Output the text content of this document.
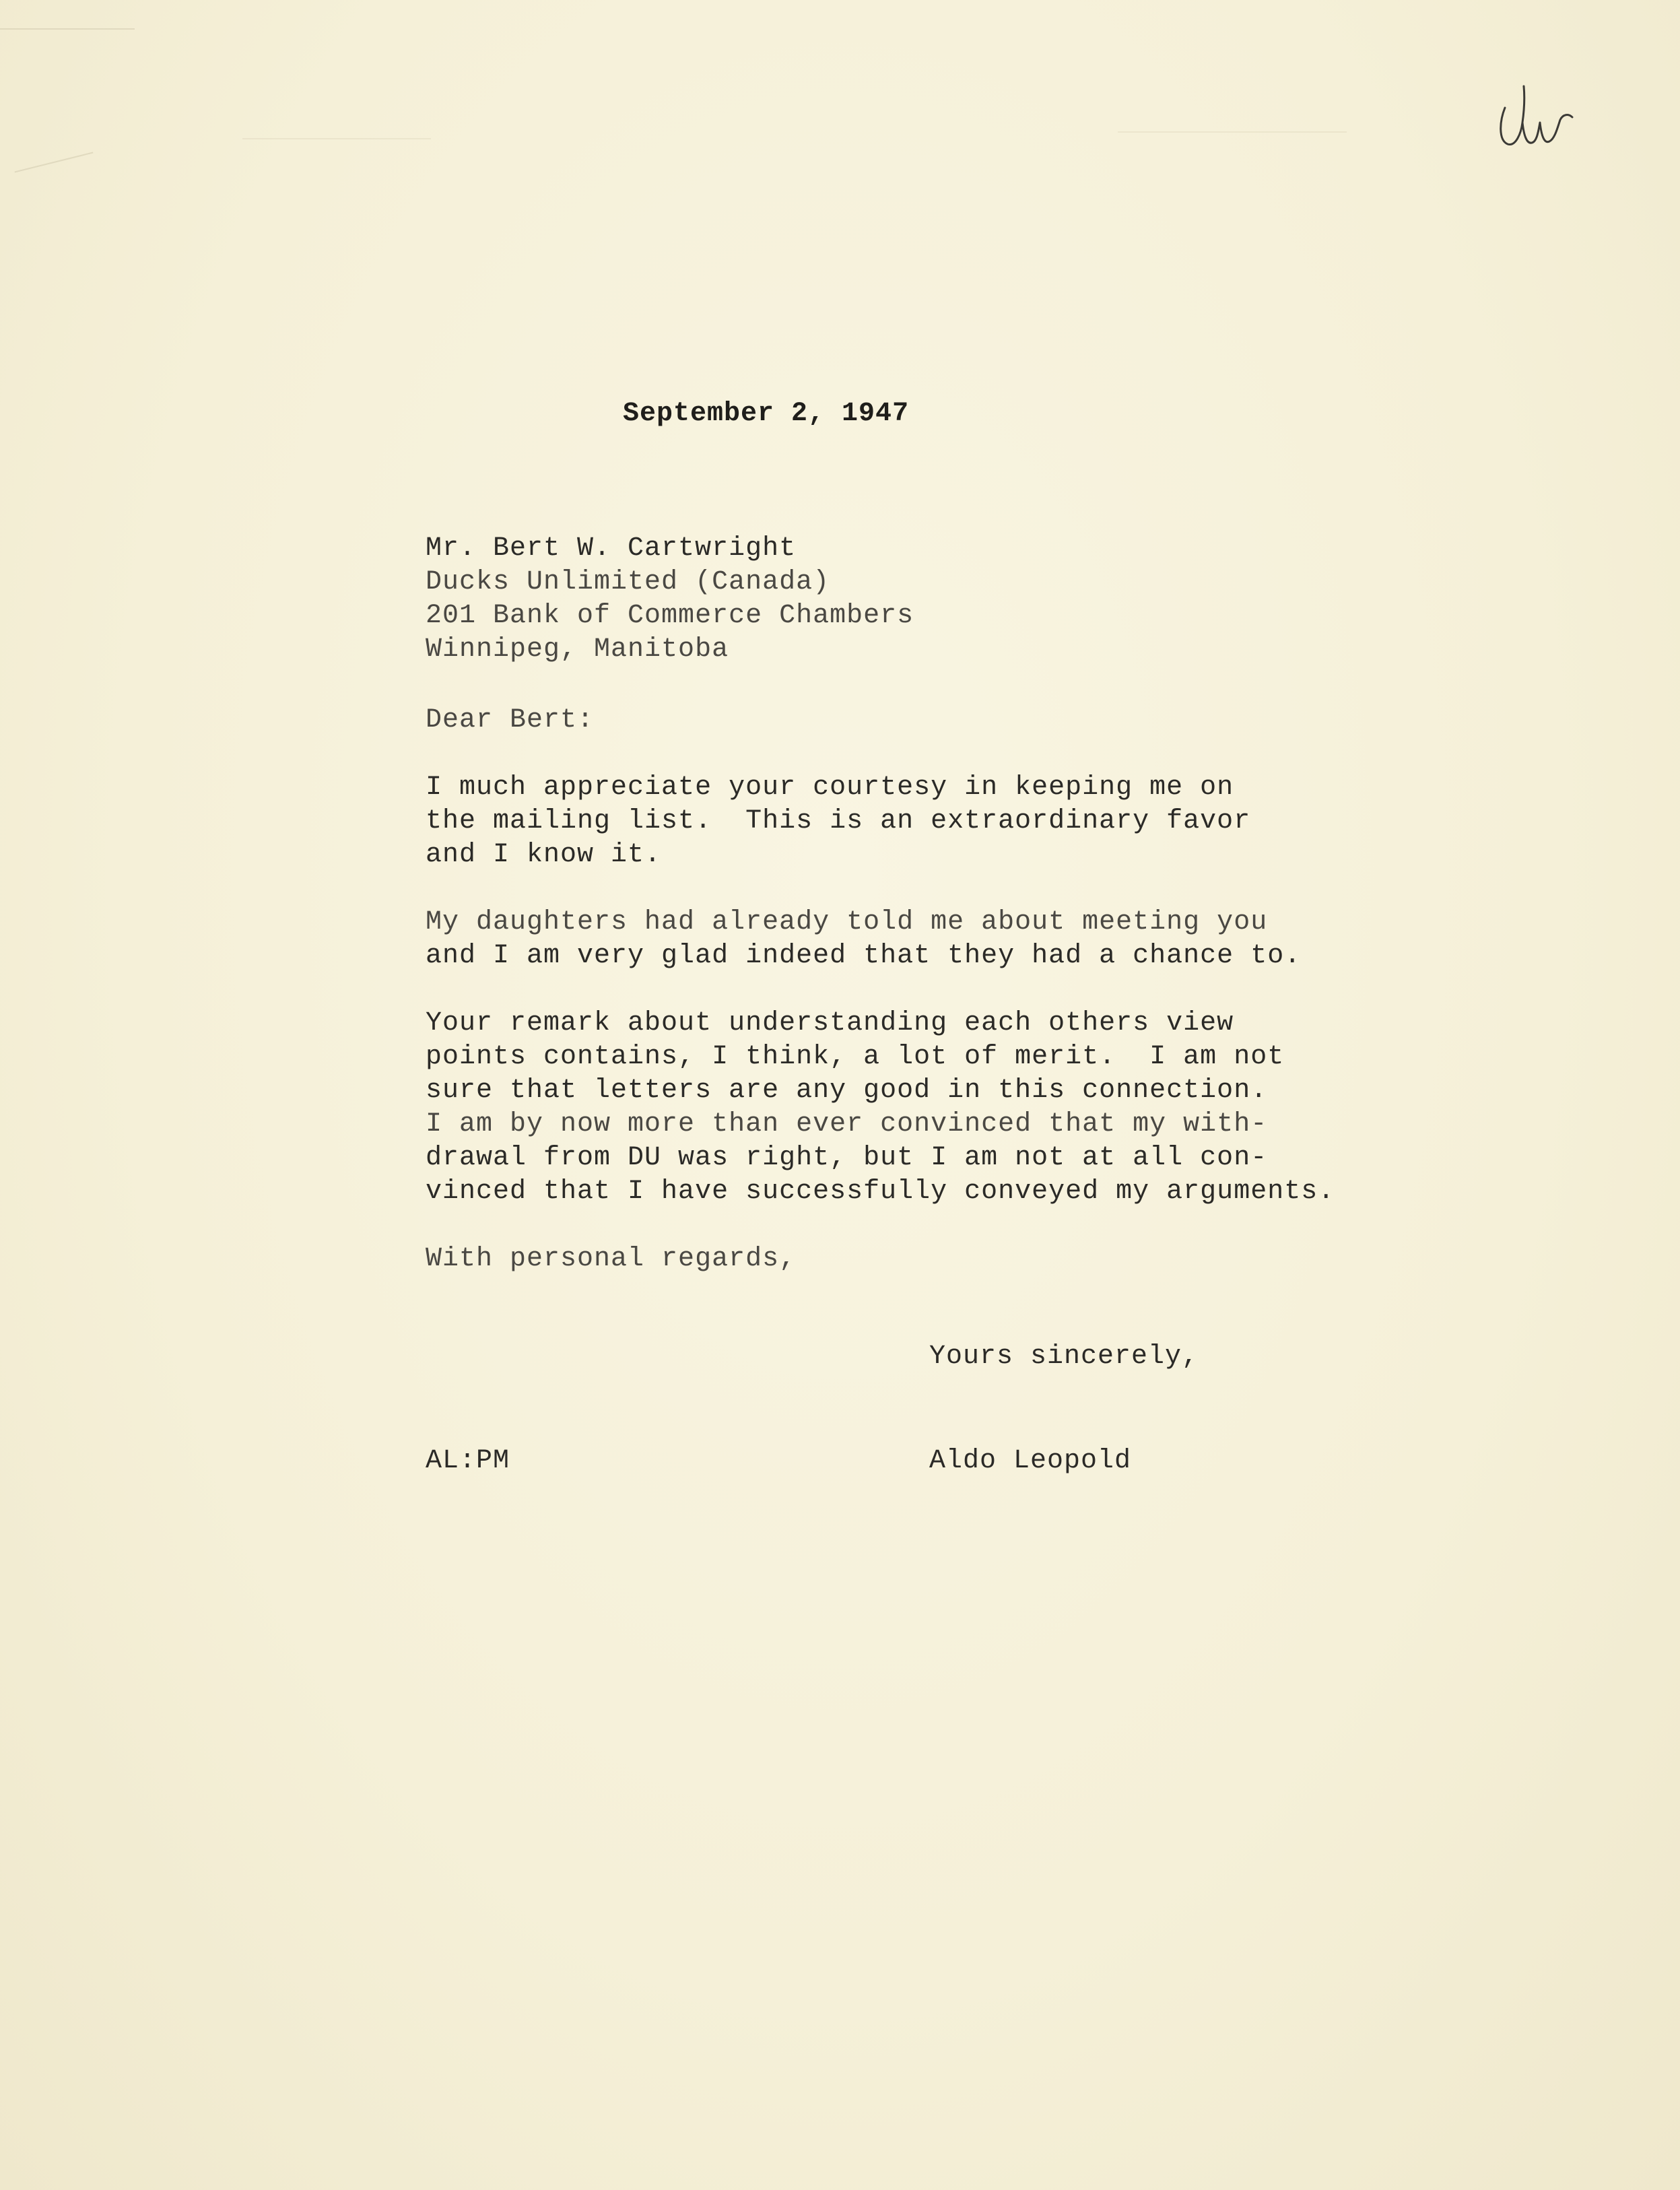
September 2, 1947
Mr. Bert W. Cartwright
Ducks Unlimited (Canada)
201 Bank of Commerce Chambers
Winnipeg, Manitoba
Dear Bert:
I much appreciate your courtesy in keeping me on
the mailing list.  This is an extraordinary favor
and I know it.
My daughters had already told me about meeting you
and I am very glad indeed that they had a chance to.
Your remark about understanding each others view
points contains, I think, a lot of merit.  I am not
sure that letters are any good in this connection.
I am by now more than ever convinced that my with-
drawal from DU was right, but I am not at all con-
vinced that I have successfully conveyed my arguments.
With personal regards,
Yours sincerely,
AL:PM	Aldo Leopold
